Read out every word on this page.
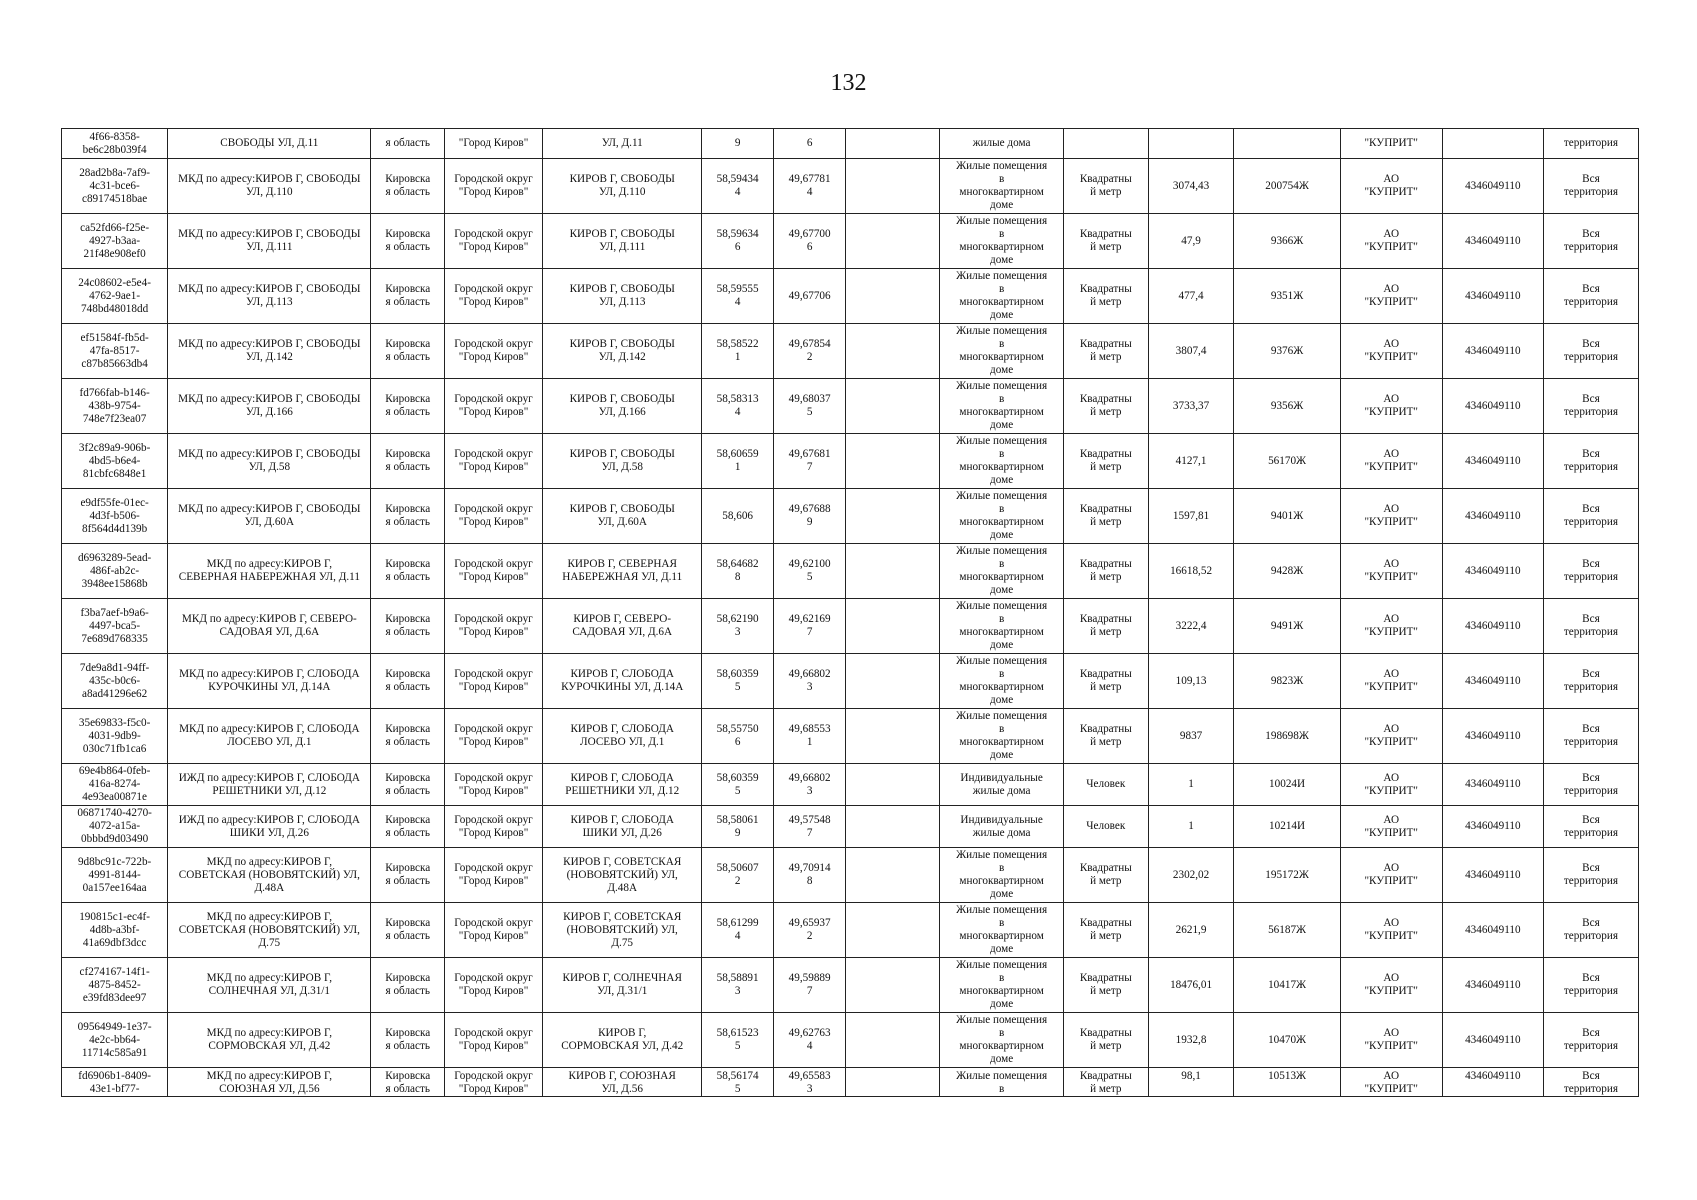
132
4f66-8358-
be6c28b039f4	СВОБОДЫ УЛ, Д.11	я область	"Город Киров"	УЛ, Д.11	9	6		жилые дома				"КУПРИТ"		территория
28ad2b8a-7af9-
4c31-bce6-
c89174518bae	МКД по адресу:КИРОВ Г, СВОБОДЫ
УЛ, Д.110	Кировска
я область	Городской округ
"Город Киров"	КИРОВ Г, СВОБОДЫ
УЛ, Д.110	58,59434
4	49,67781
4		Жилые помещения
в
многоквартирном
доме	Квадратны
й метр	3074,43	200754Ж	АО
"КУПРИТ"	4346049110	Вся
территория
ca52fd66-f25e-
4927-b3aa-
21f48e908ef0	МКД по адресу:КИРОВ Г, СВОБОДЫ
УЛ, Д.111	Кировска
я область	Городской округ
"Город Киров"	КИРОВ Г, СВОБОДЫ
УЛ, Д.111	58,59634
6	49,67700
6		Жилые помещения
в
многоквартирном
доме	Квадратны
й метр	47,9	9366Ж	АО
"КУПРИТ"	4346049110	Вся
территория
24c08602-e5e4-
4762-9ae1-
748bd48018dd	МКД по адресу:КИРОВ Г, СВОБОДЫ
УЛ, Д.113	Кировска
я область	Городской округ
"Город Киров"	КИРОВ Г, СВОБОДЫ
УЛ, Д.113	58,59555
4	49,67706		Жилые помещения
в
многоквартирном
доме	Квадратны
й метр	477,4	9351Ж	АО
"КУПРИТ"	4346049110	Вся
территория
ef51584f-fb5d-
47fa-8517-
c87b85663db4	МКД по адресу:КИРОВ Г, СВОБОДЫ
УЛ, Д.142	Кировска
я область	Городской округ
"Город Киров"	КИРОВ Г, СВОБОДЫ
УЛ, Д.142	58,58522
1	49,67854
2		Жилые помещения
в
многоквартирном
доме	Квадратны
й метр	3807,4	9376Ж	АО
"КУПРИТ"	4346049110	Вся
территория
fd766fab-b146-
438b-9754-
748e7f23ea07	МКД по адресу:КИРОВ Г, СВОБОДЫ
УЛ, Д.166	Кировска
я область	Городской округ
"Город Киров"	КИРОВ Г, СВОБОДЫ
УЛ, Д.166	58,58313
4	49,68037
5		Жилые помещения
в
многоквартирном
доме	Квадратны
й метр	3733,37	9356Ж	АО
"КУПРИТ"	4346049110	Вся
территория
3f2c89a9-906b-
4bd5-b6e4-
81cbfc6848e1	МКД по адресу:КИРОВ Г, СВОБОДЫ
УЛ, Д.58	Кировска
я область	Городской округ
"Город Киров"	КИРОВ Г, СВОБОДЫ
УЛ, Д.58	58,60659
1	49,67681
7		Жилые помещения
в
многоквартирном
доме	Квадратны
й метр	4127,1	56170Ж	АО
"КУПРИТ"	4346049110	Вся
территория
e9df55fe-01ec-
4d3f-b506-
8f564d4d139b	МКД по адресу:КИРОВ Г, СВОБОДЫ
УЛ, Д.60А	Кировска
я область	Городской округ
"Город Киров"	КИРОВ Г, СВОБОДЫ
УЛ, Д.60А	58,606	49,67688
9		Жилые помещения
в
многоквартирном
доме	Квадратны
й метр	1597,81	9401Ж	АО
"КУПРИТ"	4346049110	Вся
территория
d6963289-5ead-
486f-ab2c-
3948ee15868b	МКД по адресу:КИРОВ Г,
СЕВЕРНАЯ НАБЕРЕЖНАЯ УЛ, Д.11	Кировска
я область	Городской округ
"Город Киров"	КИРОВ Г, СЕВЕРНАЯ
НАБЕРЕЖНАЯ УЛ, Д.11	58,64682
8	49,62100
5		Жилые помещения
в
многоквартирном
доме	Квадратны
й метр	16618,52	9428Ж	АО
"КУПРИТ"	4346049110	Вся
территория
f3ba7aef-b9a6-
4497-bca5-
7e689d768335	МКД по адресу:КИРОВ Г, СЕВЕРО-
САДОВАЯ УЛ, Д.6А	Кировска
я область	Городской округ
"Город Киров"	КИРОВ Г, СЕВЕРО-
САДОВАЯ УЛ, Д.6А	58,62190
3	49,62169
7		Жилые помещения
в
многоквартирном
доме	Квадратны
й метр	3222,4	9491Ж	АО
"КУПРИТ"	4346049110	Вся
территория
7de9a8d1-94ff-
435c-b0c6-
a8ad41296e62	МКД по адресу:КИРОВ Г, СЛОБОДА
КУРОЧКИНЫ УЛ, Д.14А	Кировска
я область	Городской округ
"Город Киров"	КИРОВ Г, СЛОБОДА
КУРОЧКИНЫ УЛ, Д.14А	58,60359
5	49,66802
3		Жилые помещения
в
многоквартирном
доме	Квадратны
й метр	109,13	9823Ж	АО
"КУПРИТ"	4346049110	Вся
территория
35e69833-f5c0-
4031-9db9-
030c71fb1ca6	МКД по адресу:КИРОВ Г, СЛОБОДА
ЛОСЕВО УЛ, Д.1	Кировска
я область	Городской округ
"Город Киров"	КИРОВ Г, СЛОБОДА
ЛОСЕВО УЛ, Д.1	58,55750
6	49,68553
1		Жилые помещения
в
многоквартирном
доме	Квадратны
й метр	9837	198698Ж	АО
"КУПРИТ"	4346049110	Вся
территория
69e4b864-0feb-
416a-8274-
4e93ea00871e	ИЖД по адресу:КИРОВ Г, СЛОБОДА
РЕШЕТНИКИ УЛ, Д.12	Кировска
я область	Городской округ
"Город Киров"	КИРОВ Г, СЛОБОДА
РЕШЕТНИКИ УЛ, Д.12	58,60359
5	49,66802
3		Индивидуальные
жилые дома	Человек	1	10024И	АО
"КУПРИТ"	4346049110	Вся
территория
06871740-4270-
4072-a15a-
0bbbd9d03490	ИЖД по адресу:КИРОВ Г, СЛОБОДА
ШИКИ УЛ, Д.26	Кировска
я область	Городской округ
"Город Киров"	КИРОВ Г, СЛОБОДА
ШИКИ УЛ, Д.26	58,58061
9	49,57548
7		Индивидуальные
жилые дома	Человек	1	10214И	АО
"КУПРИТ"	4346049110	Вся
территория
9d8bc91c-722b-
4991-8144-
0a157ee164aa	МКД по адресу:КИРОВ Г,
СОВЕТСКАЯ (НОВОВЯТСКИЙ) УЛ,
Д.48А	Кировска
я область	Городской округ
"Город Киров"	КИРОВ Г, СОВЕТСКАЯ
(НОВОВЯТСКИЙ) УЛ,
Д.48А	58,50607
2	49,70914
8		Жилые помещения
в
многоквартирном
доме	Квадратны
й метр	2302,02	195172Ж	АО
"КУПРИТ"	4346049110	Вся
территория
190815c1-ec4f-
4d8b-a3bf-
41a69dbf3dcc	МКД по адресу:КИРОВ Г,
СОВЕТСКАЯ (НОВОВЯТСКИЙ) УЛ,
Д.75	Кировска
я область	Городской округ
"Город Киров"	КИРОВ Г, СОВЕТСКАЯ
(НОВОВЯТСКИЙ) УЛ,
Д.75	58,61299
4	49,65937
2		Жилые помещения
в
многоквартирном
доме	Квадратны
й метр	2621,9	56187Ж	АО
"КУПРИТ"	4346049110	Вся
территория
cf274167-14f1-
4875-8452-
e39fd83dee97	МКД по адресу:КИРОВ Г,
СОЛНЕЧНАЯ УЛ, Д.31/1	Кировска
я область	Городской округ
"Город Киров"	КИРОВ Г, СОЛНЕЧНАЯ
УЛ, Д.31/1	58,58891
3	49,59889
7		Жилые помещения
в
многоквартирном
доме	Квадратны
й метр	18476,01	10417Ж	АО
"КУПРИТ"	4346049110	Вся
территория
09564949-1e37-
4e2c-bb64-
11714c585a91	МКД по адресу:КИРОВ Г,
СОРМОВСКАЯ УЛ, Д.42	Кировска
я область	Городской округ
"Город Киров"	КИРОВ Г,
СОРМОВСКАЯ УЛ, Д.42	58,61523
5	49,62763
4		Жилые помещения
в
многоквартирном
доме	Квадратны
й метр	1932,8	10470Ж	АО
"КУПРИТ"	4346049110	Вся
территория
fd6906b1-8409-
43e1-bf77-	МКД по адресу:КИРОВ Г,
СОЮЗНАЯ УЛ, Д.56	Кировска
я область	Городской округ
"Город Киров"	КИРОВ Г, СОЮЗНАЯ
УЛ, Д.56	58,56174
5	49,65583
3		Жилые помещения
в	Квадратны
й метр	98,1	10513Ж	АО
"КУПРИТ"	4346049110	Вся
территория
